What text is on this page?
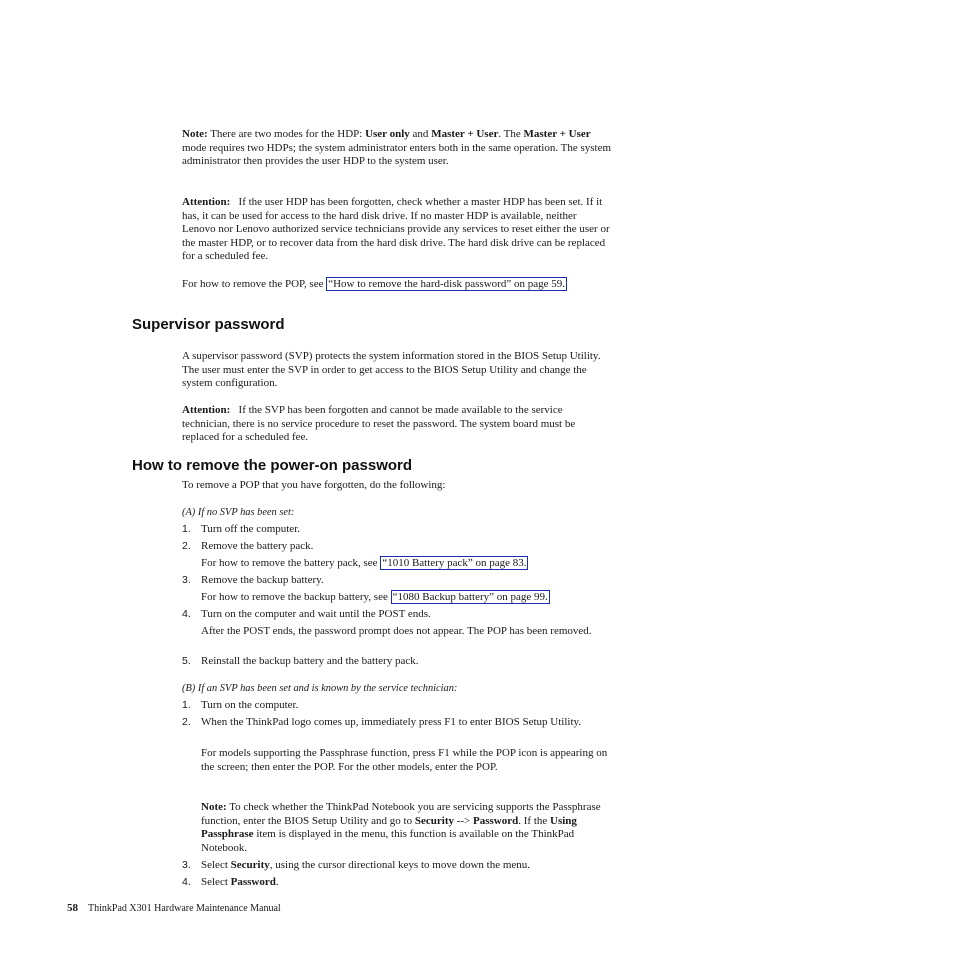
Note: There are two modes for the HDP: User only and Master + User. The Master + User mode requires two HDPs; the system administrator enters both in the same operation. The system administrator then provides the user HDP to the system user.

Attention:   If the user HDP has been forgotten, check whether a master HDP has been set. If it has, it can be used for access to the hard disk drive. If no master HDP is available, neither Lenovo nor Lenovo authorized service technicians provide any services to reset either the user or the master HDP, or to recover data from the hard disk drive. The hard disk drive can be replaced for a scheduled fee.

For how to remove the POP, see “How to remove the hard-disk password” on page 59.

Supervisor password

A supervisor password (SVP) protects the system information stored in the BIOS Setup Utility. The user must enter the SVP in order to get access to the BIOS Setup Utility and change the system configuration.

Attention:   If the SVP has been forgotten and cannot be made available to the service technician, there is no service procedure to reset the password. The system board must be replaced for a scheduled fee.

How to remove the power-on password

To remove a POP that you have forgotten, do the following:

(A) If no SVP has been set:

1. Turn off the computer.
2. Remove the battery pack.

For how to remove the battery pack, see “1010 Battery pack” on page 83.

3. Remove the backup battery.

For how to remove the backup battery, see “1080 Backup battery” on page 99.

4. Turn on the computer and wait until the POST ends.

After the POST ends, the password prompt does not appear. The POP has been removed.

5. Reinstall the backup battery and the battery pack.

(B) If an SVP has been set and is known by the service technician:

1. Turn on the computer.
2. When the ThinkPad logo comes up, immediately press F1 to enter BIOS Setup Utility.

For models supporting the Passphrase function, press F1 while the POP icon is appearing on the screen; then enter the POP. For the other models, enter the POP.

Note: To check whether the ThinkPad Notebook you are servicing supports the Passphrase function, enter the BIOS Setup Utility and go to Security --> Password. If the Using Passphrase item is displayed in the menu, this function is available on the ThinkPad Notebook.

3. Select Security, using the cursor directional keys to move down the menu.
4. Select Password.
58 ThinkPad X301 Hardware Maintenance Manual
